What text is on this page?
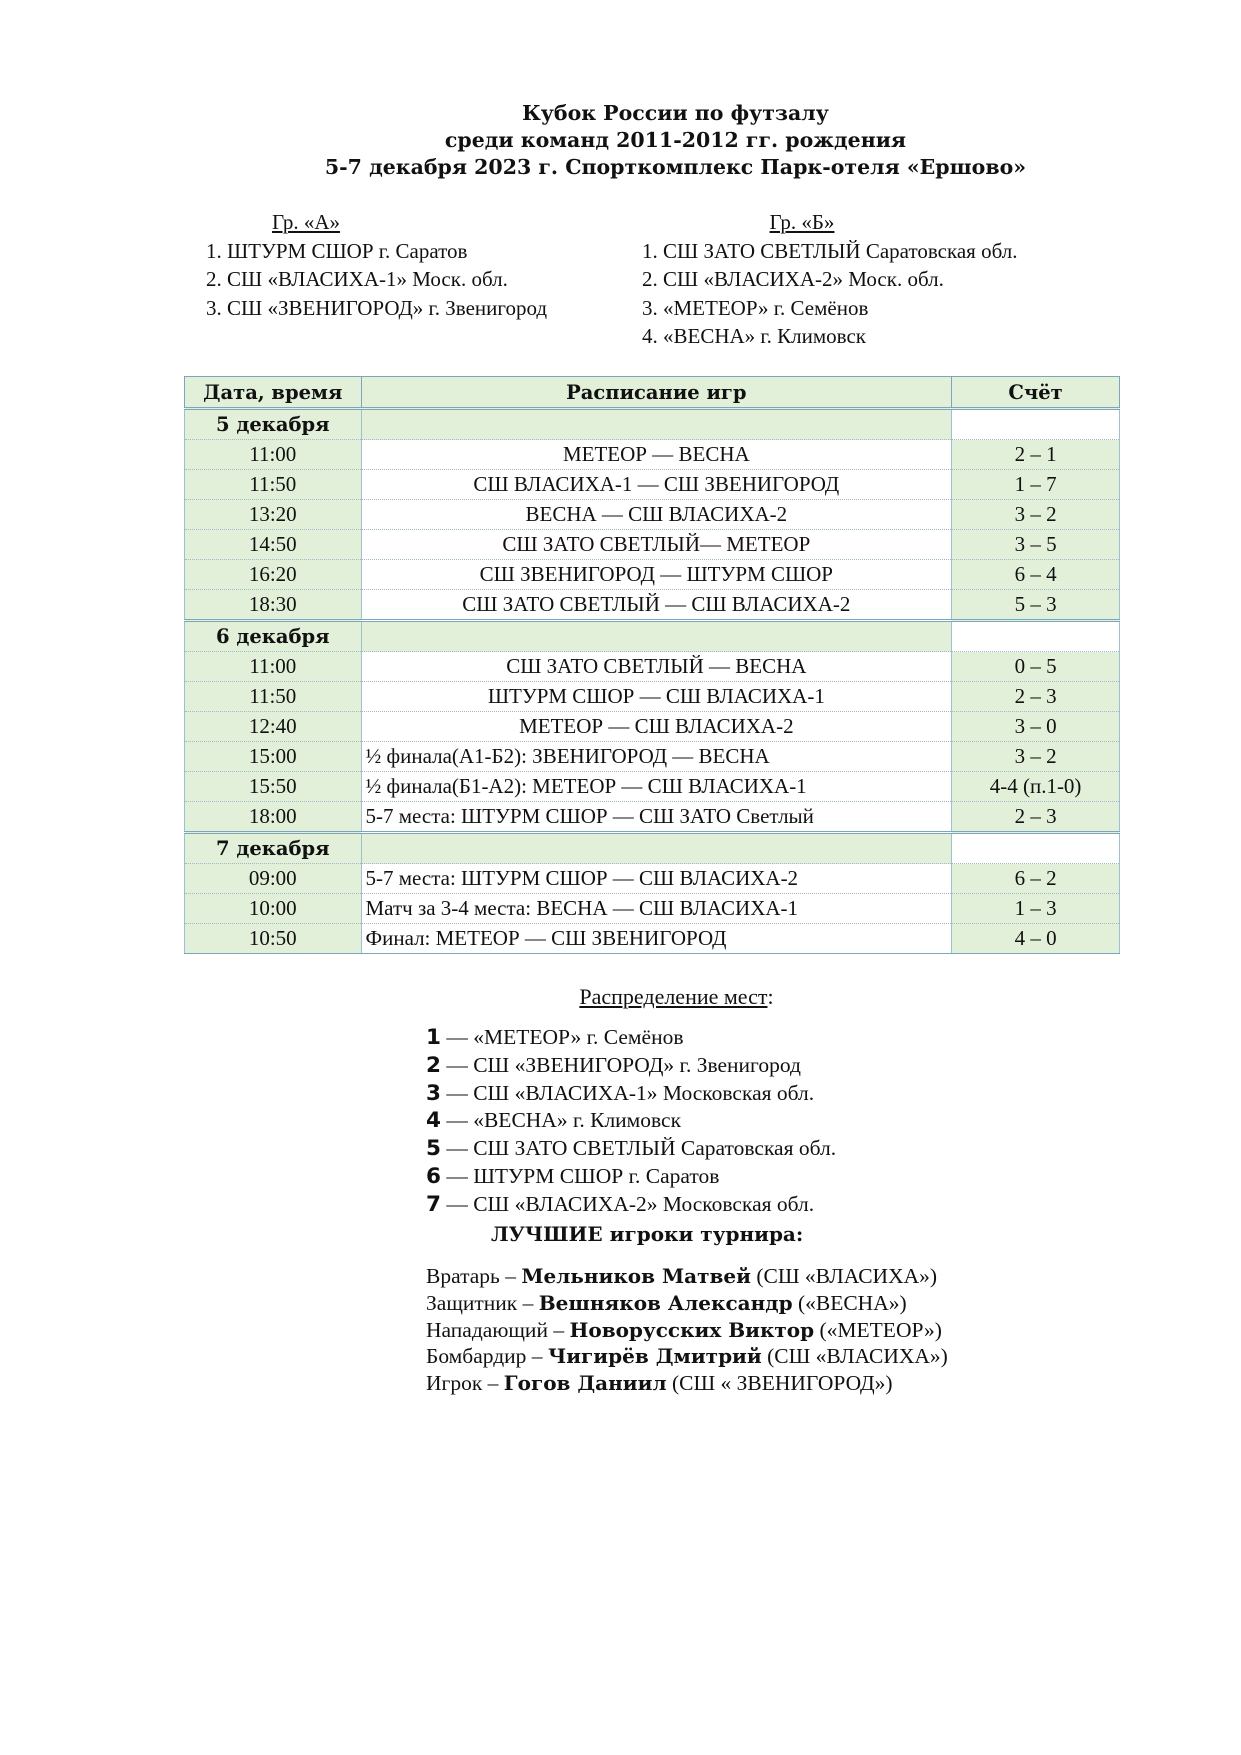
Кубок России по футзалу
среди команд 2011-2012 гг. рождения
5-7 декабря 2023 г. Спорткомплекс Парк-отеля «Ершово»
Гр. «А»
1. ШТУРМ СШОР г. Саратов
2. СШ «ВЛАСИХА-1» Моск. обл.
3. СШ «ЗВЕНИГОРОД» г. Звенигород
Гр. «Б»
1. СШ ЗАТО СВЕТЛЫЙ Саратовская обл.
2. СШ «ВЛАСИХА-2» Моск. обл.
3. «МЕТЕОР» г. Семёнов
4. «ВЕСНА» г. Климовск
Дата, время	Расписание игр	Счёт
5 декабря		
11:00	МЕТЕОР — ВЕСНА	2 – 1
11:50	СШ ВЛАСИХА-1 — СШ ЗВЕНИГОРОД	1 – 7
13:20	ВЕСНА — СШ ВЛАСИХА-2	3 – 2
14:50	СШ ЗАТО СВЕТЛЫЙ— МЕТЕОР	3 – 5
16:20	СШ ЗВЕНИГОРОД — ШТУРМ СШОР	6 – 4
18:30	СШ ЗАТО СВЕТЛЫЙ — СШ ВЛАСИХА-2	5 – 3
6 декабря		
11:00	СШ ЗАТО СВЕТЛЫЙ — ВЕСНА	0 – 5
11:50	ШТУРМ СШОР — СШ ВЛАСИХА-1	2 – 3
12:40	МЕТЕОР — СШ ВЛАСИХА-2	3 – 0
15:00	½ финала(А1-Б2): ЗВЕНИГОРОД — ВЕСНА	3 – 2
15:50	½ финала(Б1-А2): МЕТЕОР — СШ ВЛАСИХА-1	4-4 (п.1-0)
18:00	5-7 места: ШТУРМ СШОР — СШ ЗАТО Светлый	2 – 3
7 декабря		
09:00	5-7 места: ШТУРМ СШОР — СШ ВЛАСИХА-2	6 – 2
10:00	Матч за 3-4 места: ВЕСНА — СШ ВЛАСИХА-1	1 – 3
10:50	Финал: МЕТЕОР — СШ ЗВЕНИГОРОД	4 – 0
Распределение мест:
1 — «МЕТЕОР» г. Семёнов
2 — СШ «ЗВЕНИГОРОД» г. Звенигород
3 — СШ «ВЛАСИХА-1» Московская обл.
4 — «ВЕСНА» г. Климовск
5 — СШ ЗАТО СВЕТЛЫЙ Саратовская обл.
6 — ШТУРМ СШОР г. Саратов
7 — СШ «ВЛАСИХА-2» Московская обл.
ЛУЧШИЕ игроки турнира:
Вратарь – Мельников Матвей (СШ «ВЛАСИХА»)
Защитник – Вешняков Александр («ВЕСНА»)
Нападающий – Новорусских Виктор («МЕТЕОР»)
Бомбардир – Чигирёв Дмитрий (СШ «ВЛАСИХА»)
Игрок – Гогов Даниил (СШ « ЗВЕНИГОРОД»)
